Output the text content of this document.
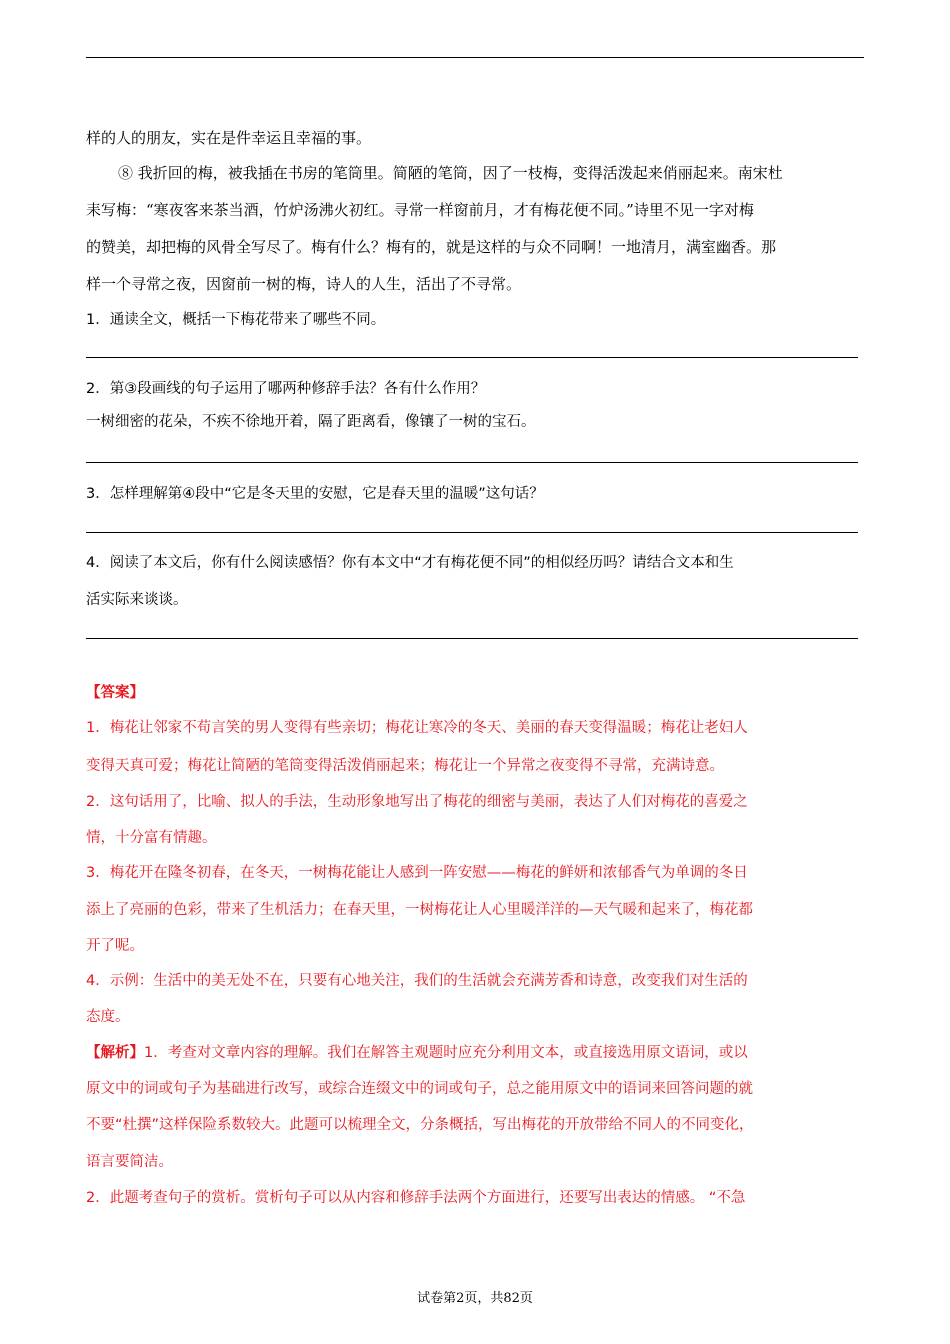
样的人的朋友，实在是件幸运且幸福的事。
⑧ 我折回的梅，被我插在书房的笔筒里。简陋的笔筒，因了一枝梅，变得活泼起来俏丽起来。南宋杜
耒写梅：“寒夜客来茶当酒，竹炉汤沸火初红。寻常一样窗前月，才有梅花便不同。”诗里不见一字对梅
的赞美，却把梅的风骨全写尽了。梅有什么？梅有的，就是这样的与众不同啊！一地清月，满室幽香。那
样一个寻常之夜，因窗前一树的梅，诗人的人生，活出了不寻常。
1．通读全文，概括一下梅花带来了哪些不同。
2．第③段画线的句子运用了哪两种修辞手法？各有什么作用？
一树细密的花朵，不疾不徐地开着，隔了距离看，像镶了一树的宝石。
3．怎样理解第④段中“它是冬天里的安慰，它是春天里的温暖”这句话？
4．阅读了本文后，你有什么阅读感悟？你有本文中“才有梅花便不同”的相似经历吗？请结合文本和生
活实际来谈谈。
【答案】
1．梅花让邻家不苟言笑的男人变得有些亲切；梅花让寒冷的冬天、美丽的春天变得温暖；梅花让老妇人
变得天真可爱；梅花让简陋的笔筒变得活泼俏丽起来；梅花让一个异常之夜变得不寻常，充满诗意。
2．这句话用了，比喻、拟人的手法，生动形象地写出了梅花的细密与美丽，表达了人们对梅花的喜爱之
情，十分富有情趣。
3．梅花开在隆冬初春，在冬天，一树梅花能让人感到一阵安慰——梅花的鲜妍和浓郁香气为单调的冬日
添上了亮丽的色彩，带来了生机活力；在春天里，一树梅花让人心里暖洋洋的—天气暖和起来了，梅花都
开了呢。
4．示例：生活中的美无处不在，只要有心地关注，我们的生活就会充满芳香和诗意，改变我们对生活的
态度。
【解析】1．考查对文章内容的理解。我们在解答主观题时应充分利用文本，或直接选用原文语词，或以
原文中的词或句子为基础进行改写，或综合连缀文中的词或句子，总之能用原文中的语词来回答问题的就
不要“杜撰”这样保险系数较大。此题可以梳理全文，分条概括，写出梅花的开放带给不同人的不同变化，
语言要简洁。
2．此题考查句子的赏析。赏析句子可以从内容和修辞手法两个方面进行，还要写出表达的情感。 “不急
试卷第2页，共82页
